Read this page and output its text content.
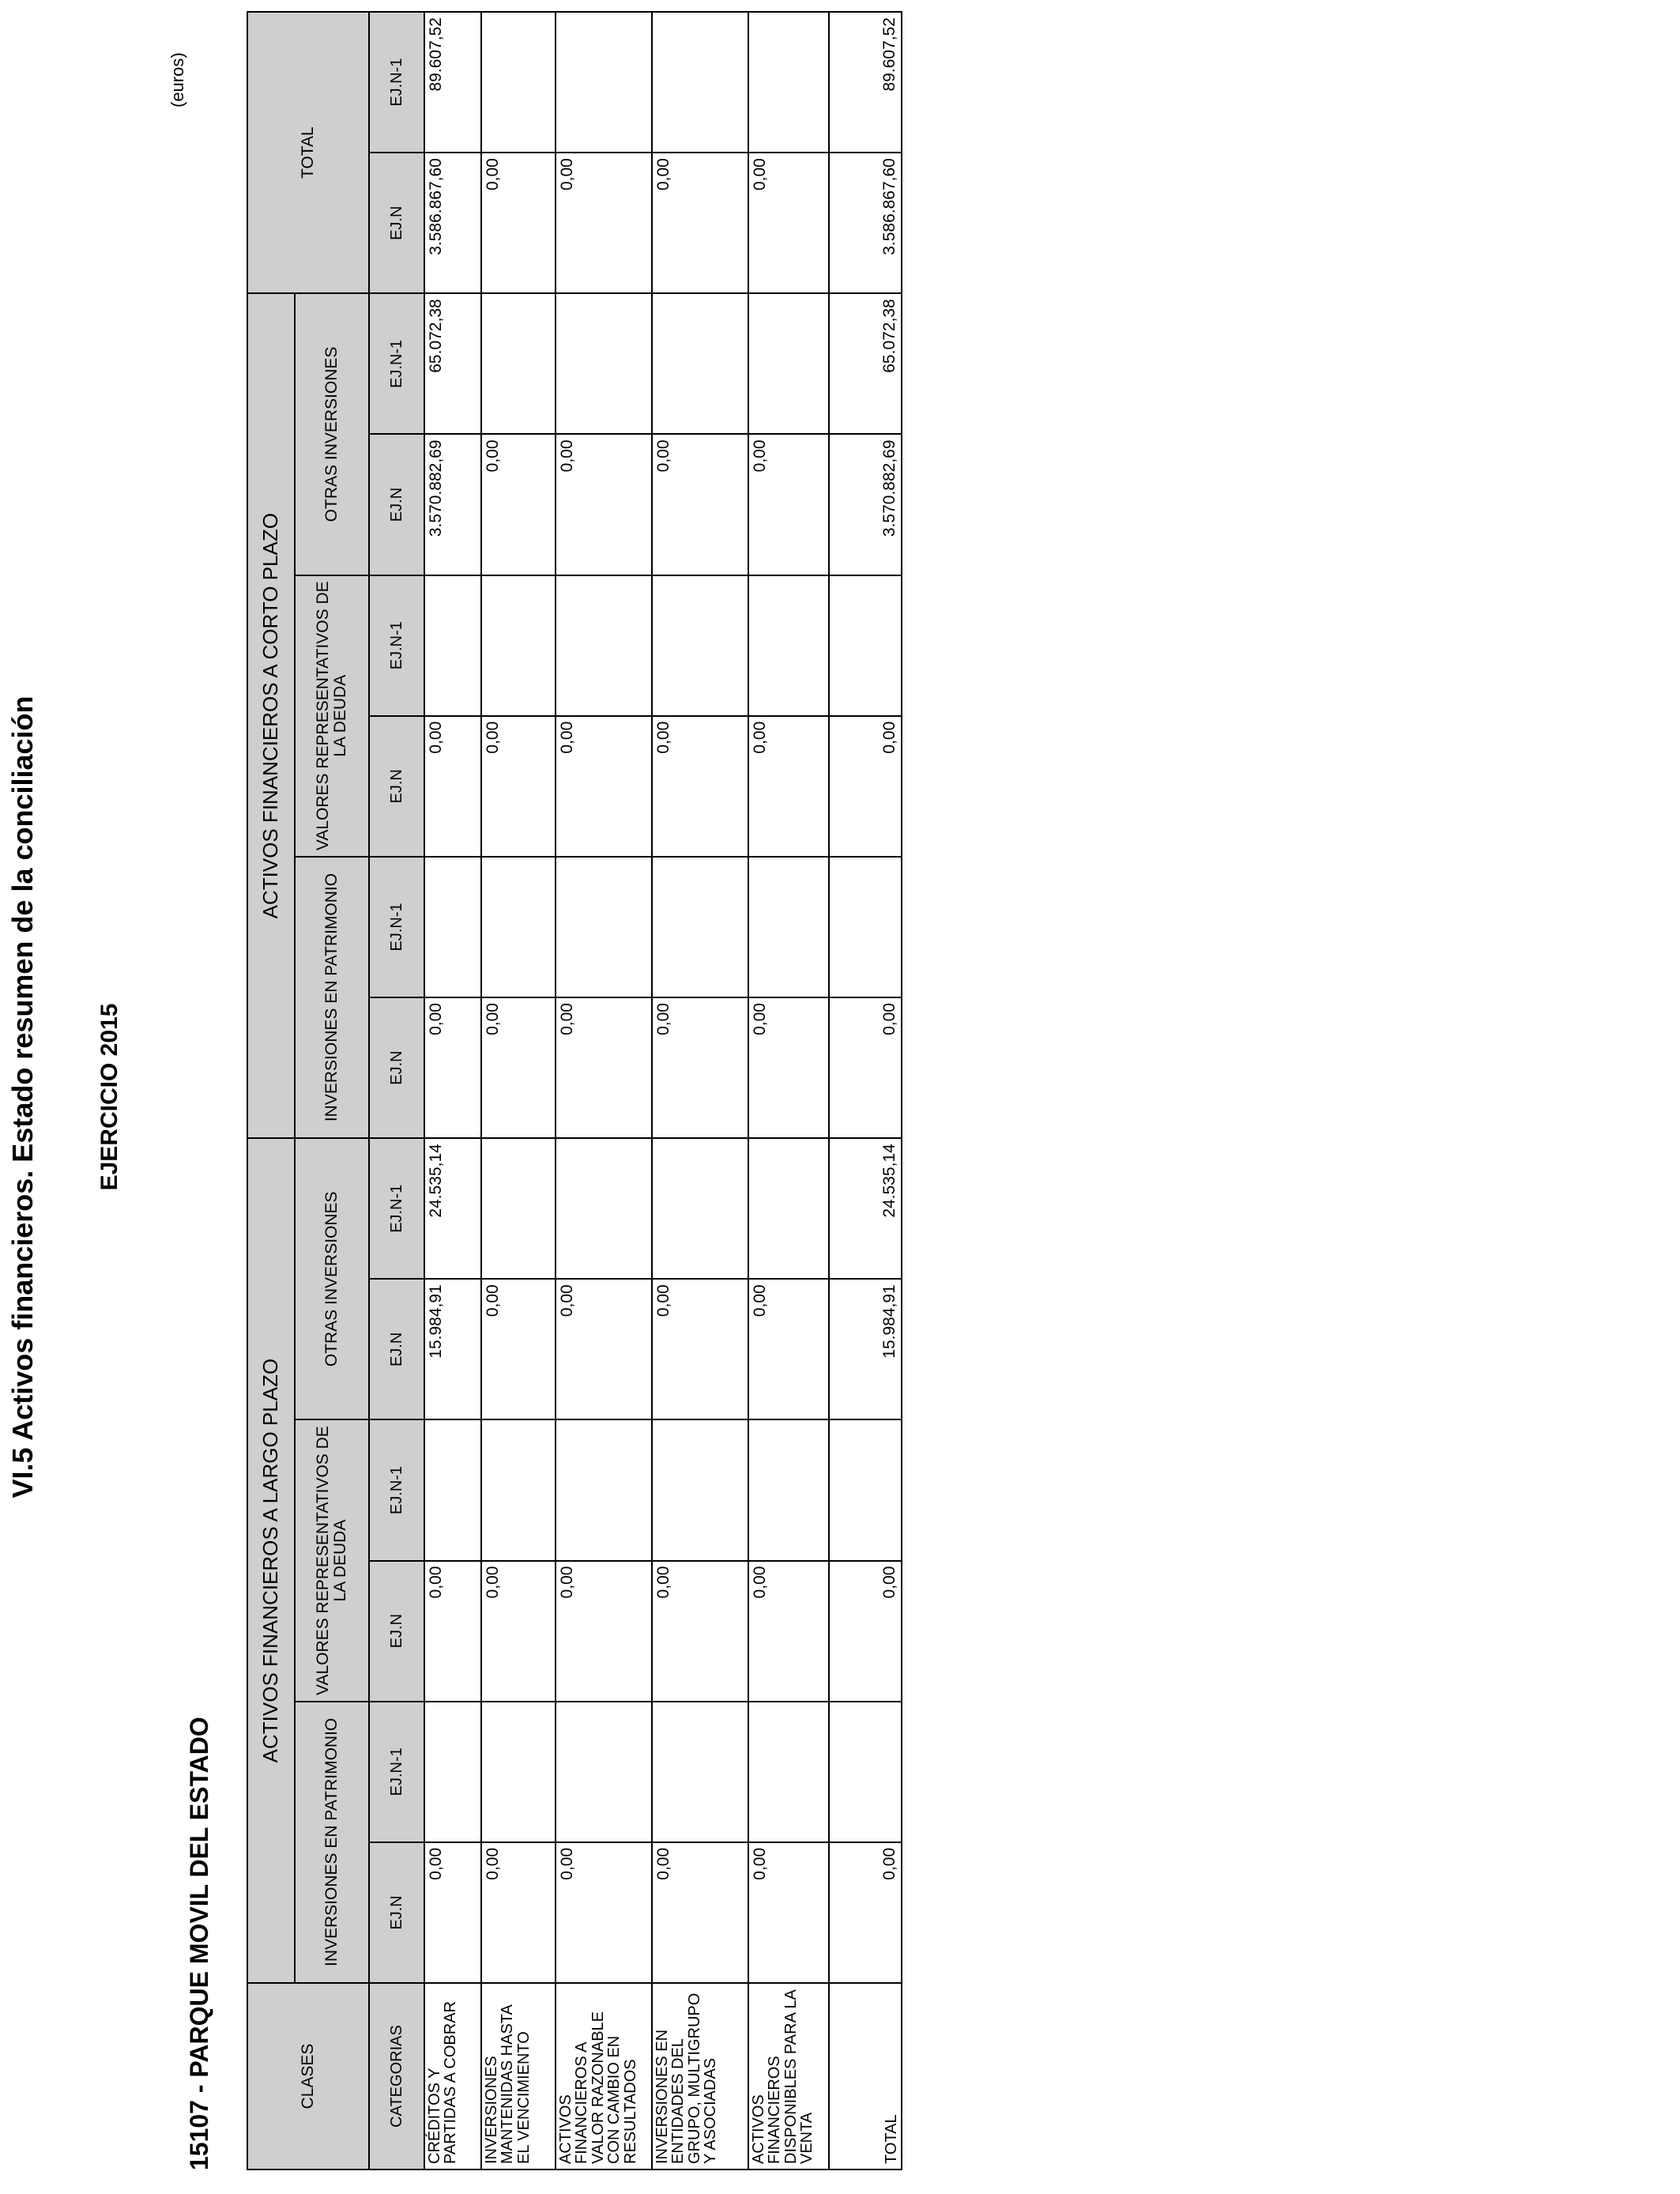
VI.5 Activos financieros. Estado resumen de la conciliación EJERCICIO 2015
15107 - PARQUE MOVIL DEL ESTADO
(euros)
CLASES	ACTIVOS FINANCIEROS A LARGO PLAZO						ACTIVOS FINANCIEROS A CORTO PLAZO						TOTAL	
	INVERSIONES EN PATRIMONIO		VALORES REPRESENTATIVOS DE LA DEUDA		OTRAS INVERSIONES		INVERSIONES EN PATRIMONIO		VALORES REPRESENTATIVOS DE LA DEUDA		OTRAS INVERSIONES			
CATEGORIAS	EJ.N	EJ.N-1	EJ.N	EJ.N-1	EJ.N	EJ.N-1	EJ.N	EJ.N-1	EJ.N	EJ.N-1	EJ.N	EJ.N-1	EJ.N	EJ.N-1
CRÉDITOS Y PARTIDAS A COBRAR	0,00		0,00		15.984,91	24.535,14	0,00		0,00		3.570.882,69	65.072,38	3.586.867,60	89.607,52
INVERSIONES MANTENIDAS HASTA EL VENCIMIENTO	0,00		0,00		0,00		0,00		0,00		0,00		0,00	
ACTIVOS FINANCIEROS A VALOR RAZONABLE CON CAMBIO EN RESULTADOS	0,00		0,00		0,00		0,00		0,00		0,00		0,00	
INVERSIONES EN ENTIDADES DEL GRUPO, MULTIGRUPO Y ASOCIADAS	0,00		0,00		0,00		0,00		0,00		0,00		0,00	
ACTIVOS FINANCIEROS DISPONIBLES PARA LA VENTA	0,00		0,00		0,00		0,00		0,00		0,00		0,00	
TOTAL	0,00		0,00		15.984,91	24.535,14	0,00		0,00		3.570.882,69	65.072,38	3.586.867,60	89.607,52
